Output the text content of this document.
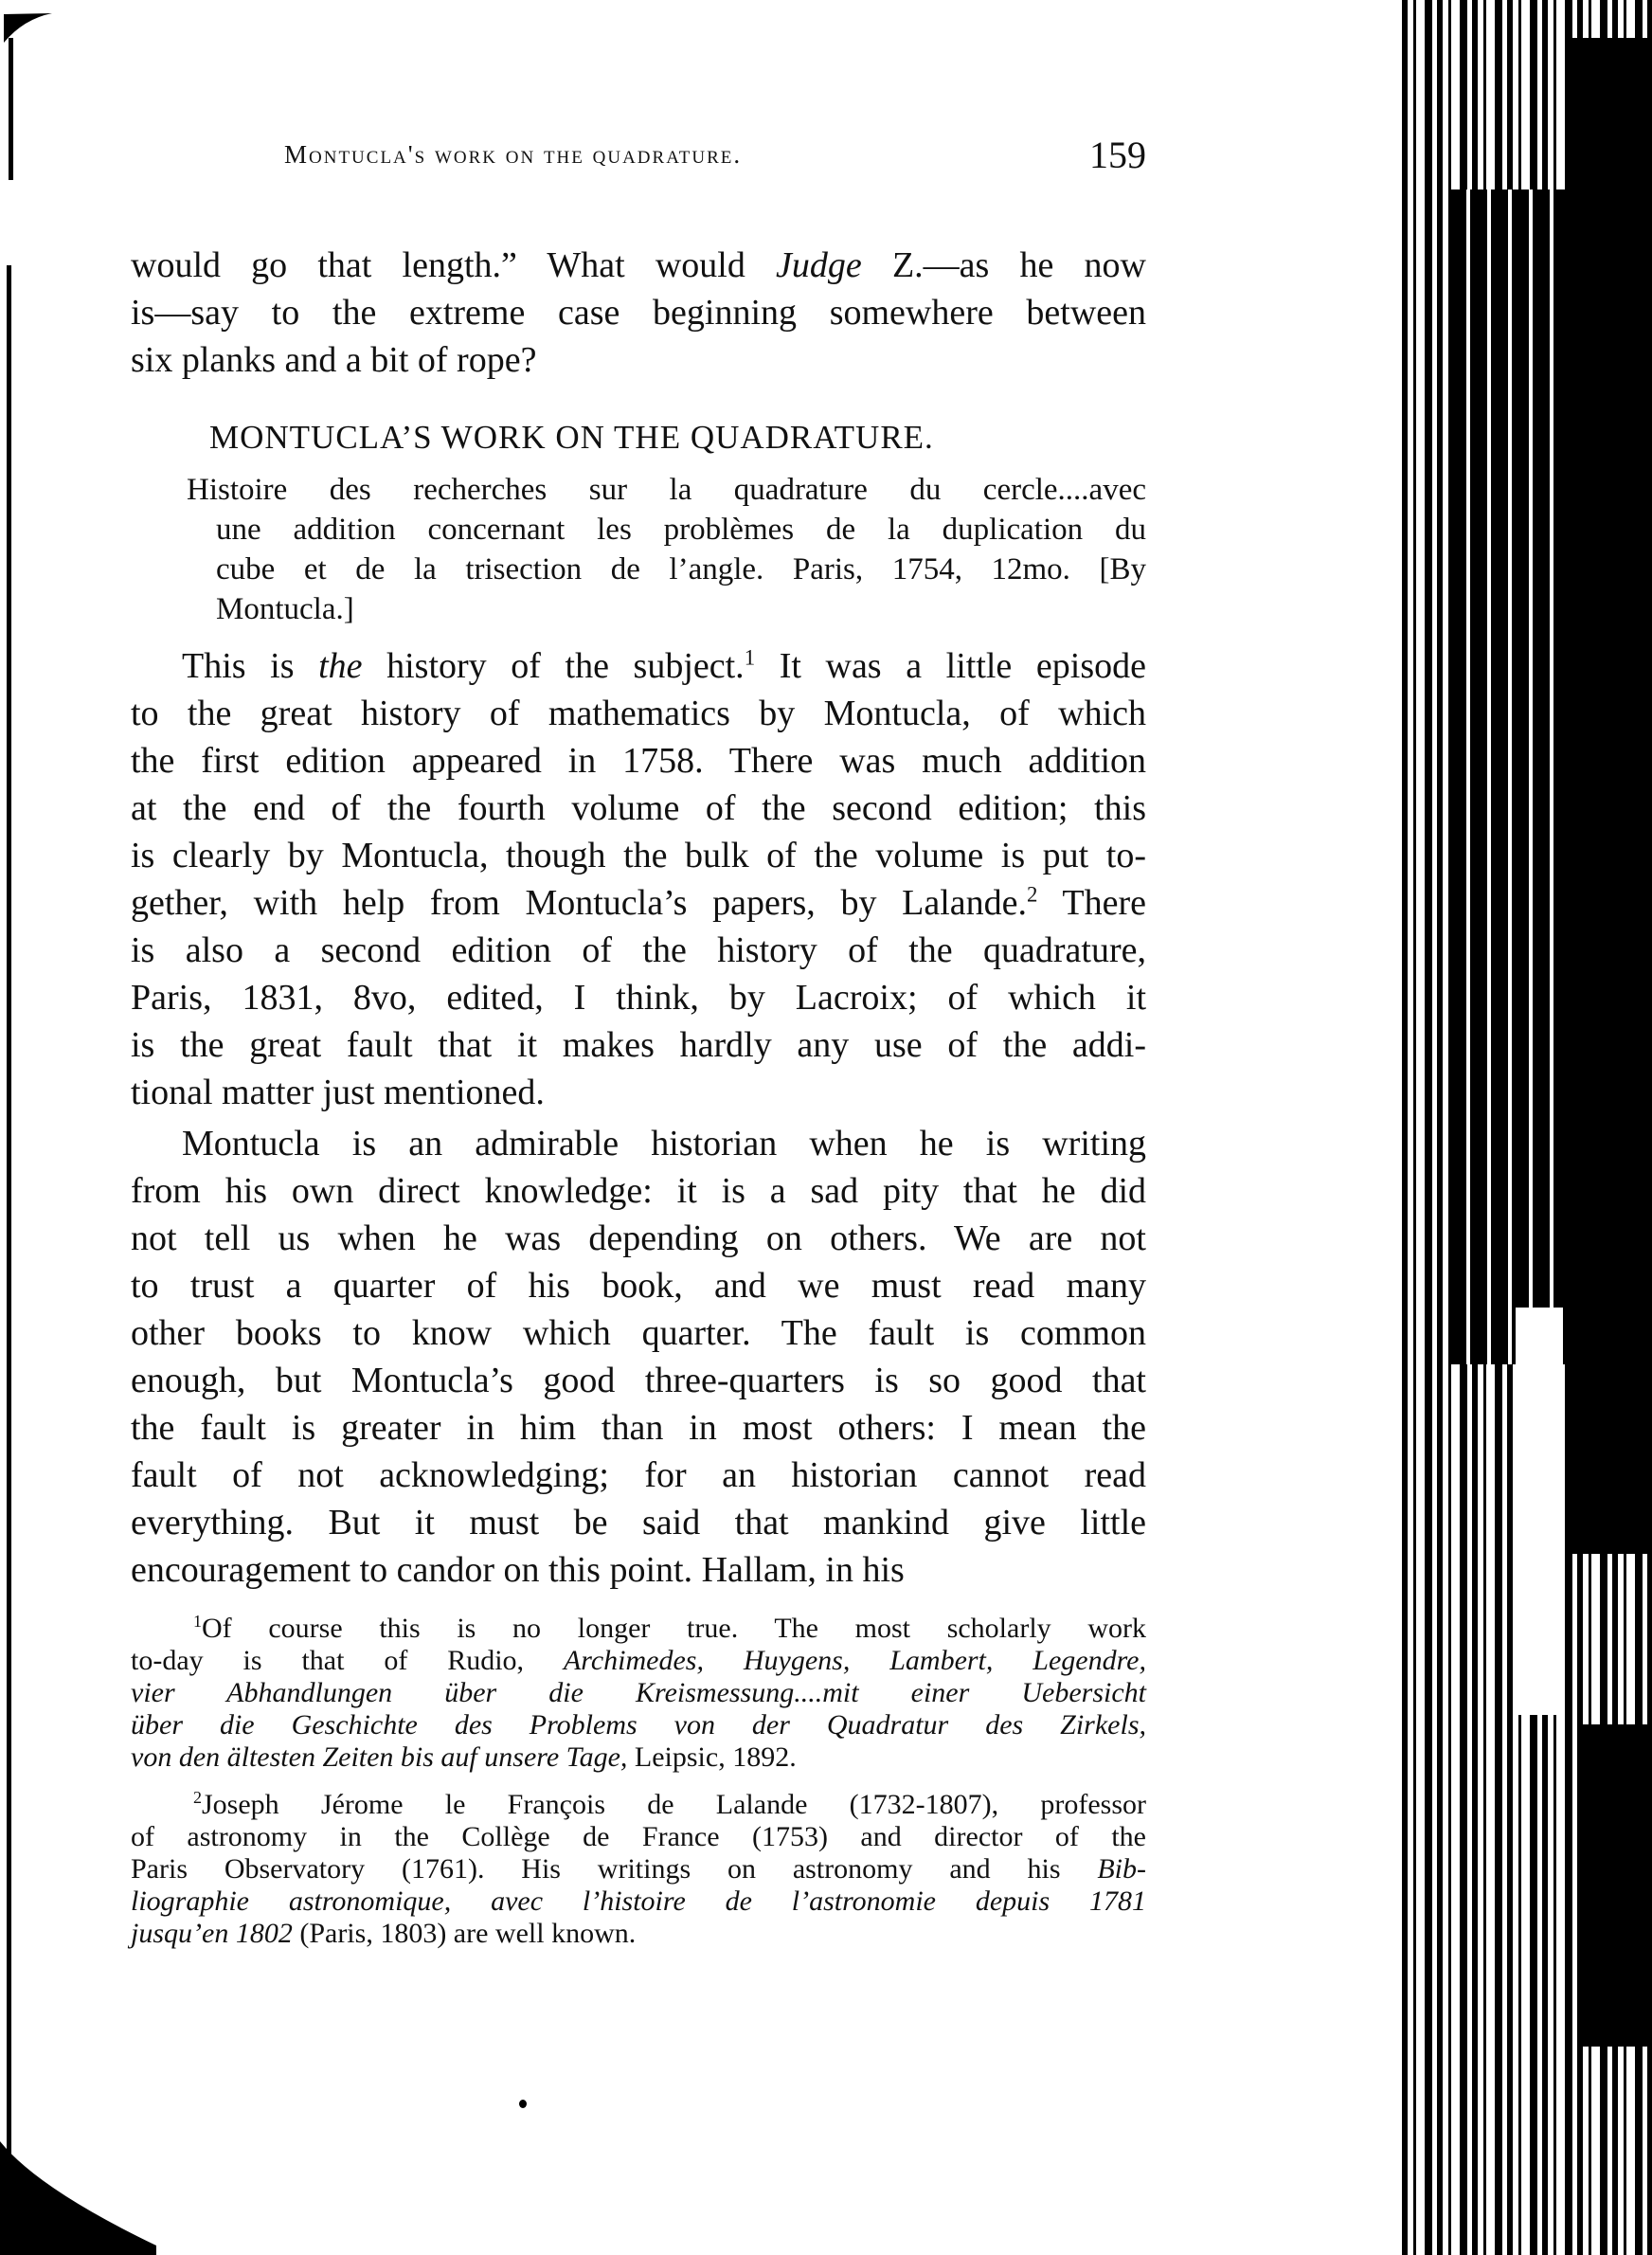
Montucla's work on the quadrature.	159
would go that length.” What would Judge Z.—as he now
is—say to the extreme case beginning somewhere between
six planks and a bit of rope?
MONTUCLA’S WORK ON THE QUADRATURE.
Histoire des recherches sur la quadrature du cercle....avec
une addition concernant les problèmes de la duplication du
cube et de la trisection de l’angle. Paris, 1754, 12mo. [By
Montucla.]
This is the history of the subject.$^1$ It was a little episode
to the great history of mathematics by Montucla, of which
the first edition appeared in 1758. There was much addition
at the end of the fourth volume of the second edition; this
is clearly by Montucla, though the bulk of the volume is put to-
gether, with help from Montucla’s papers, by Lalande.$^2$ There
is also a second edition of the history of the quadrature,
Paris, 1831, 8vo, edited, I think, by Lacroix; of which it
is the great fault that it makes hardly any use of the addi-
tional matter just mentioned.
Montucla is an admirable historian when he is writing
from his own direct knowledge: it is a sad pity that he did
not tell us when he was depending on others. We are not
to trust a quarter of his book, and we must read many
other books to know which quarter. The fault is common
enough, but Montucla’s good three-quarters is so good that
the fault is greater in him than in most others: I mean the
fault of not acknowledging; for an historian cannot read
everything. But it must be said that mankind give little
encouragement to candor on this point. Hallam, in his
$^1$Of course this is no longer true. The most scholarly work
to-day is that of Rudio, Archimedes, Huygens, Lambert, Legendre,
vier Abhandlungen über die Kreismessung....mit einer Uebersicht
über die Geschichte des Problems von der Quadratur des Zirkels,
von den ältesten Zeiten bis auf unsere Tage, Leipsic, 1892.
$^2$Joseph Jérome le François de Lalande (1732-1807), professor
of astronomy in the Collège de France (1753) and director of the
Paris Observatory (1761). His writings on astronomy and his Bib-
liographie astronomique, avec l’histoire de l’astronomie depuis 1781
jusqu’en 1802 (Paris, 1803) are well known.
